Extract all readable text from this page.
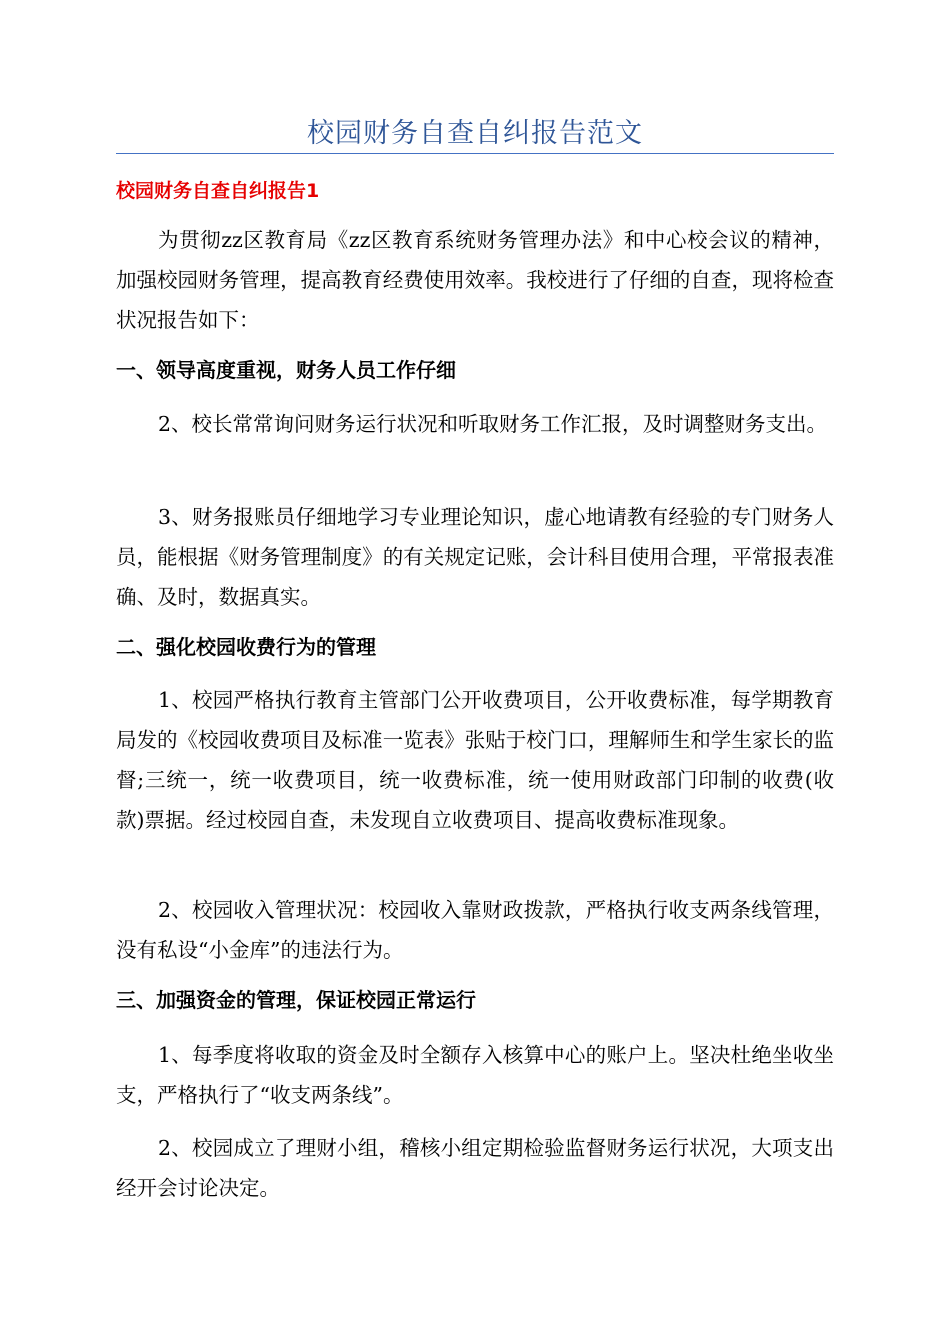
校园财务自查自纠报告范文
校园财务自查自纠报告1
为贯彻zz区教育局《zz区教育系统财务管理办法》和中心校会议的精神，加强校园财务管理，提高教育经费使用效率。我校进行了仔细的自查，现将检查状况报告如下：
一、领导高度重视，财务人员工作仔细
2、校长常常询问财务运行状况和听取财务工作汇报，及时调整财务支出。
3、财务报账员仔细地学习专业理论知识，虚心地请教有经验的专门财务人员，能根据《财务管理制度》的有关规定记账，会计科目使用合理，平常报表准确、及时，数据真实。
二、强化校园收费行为的管理
1、校园严格执行教育主管部门公开收费项目，公开收费标准，每学期教育局发的《校园收费项目及标准一览表》张贴于校门口，理解师生和学生家长的监督;三统一，统一收费项目，统一收费标准，统一使用财政部门印制的收费(收款)票据。经过校园自查，未发现自立收费项目、提高收费标准现象。
2、校园收入管理状况：校园收入靠财政拨款，严格执行收支两条线管理，没有私设“小金库”的违法行为。
三、加强资金的管理，保证校园正常运行
1、每季度将收取的资金及时全额存入核算中心的账户上。坚决杜绝坐收坐支，严格执行了“收支两条线”。
2、校园成立了理财小组，稽核小组定期检验监督财务运行状况，大项支出经开会讨论决定。
